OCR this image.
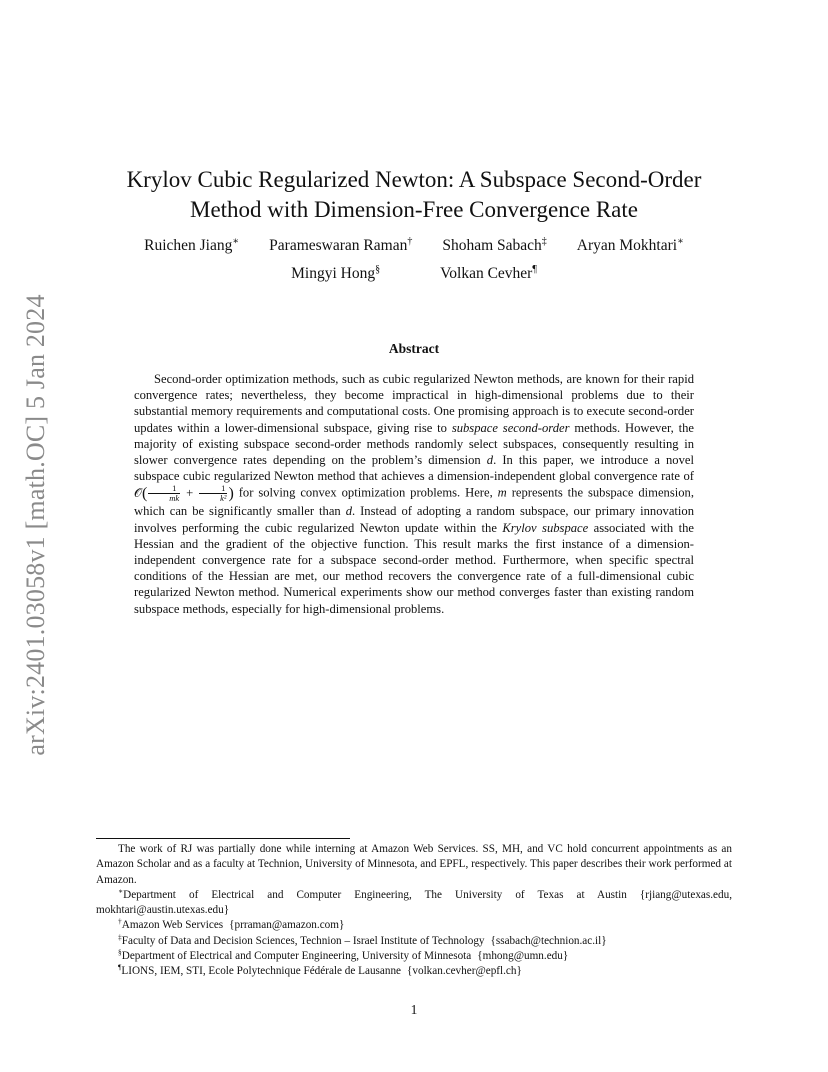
arXiv:2401.03058v1 [math.OC] 5 Jan 2024
Krylov Cubic Regularized Newton: A Subspace Second-Order
Method with Dimension-Free Convergence Rate
Ruichen Jiang∗ Parameswaran Raman† Shoham Sabach‡ Aryan Mokhtari∗
Mingyi Hong§	Volkan Cevher¶
Abstract

Second-order optimization methods, such as cubic regularized Newton methods, are known for their rapid convergence rates; nevertheless, they become impractical in high-dimensional problems due to their substantial memory requirements and computational costs. One promising approach is to execute second-order updates within a lower-dimensional subspace, giving rise to subspace second-order methods. However, the majority of existing subspace second-order methods randomly select subspaces, consequently resulting in slower convergence rates depending on the problem’s dimension d. In this paper, we introduce a novel subspace cubic regularized Newton method that achieves a dimension-independent global convergence rate of 𝒪( $\frac{1}{mk} + \frac{1}{\text{k²}}$ ) for solving convex optimization problems. Here, m represents the subspace dimension, which can be significantly smaller than d. Instead of adopting a random subspace, our primary innovation involves performing the cubic regularized Newton update within the Krylov subspace associated with the Hessian and the gradient of the objective function. This result marks the first instance of a dimension-independent convergence rate for a subspace second-order method. Furthermore, when specific spectral conditions of the Hessian are met, our method recovers the convergence rate of a full-dimensional cubic regularized Newton method. Numerical experiments show our method converges faster than existing random subspace methods, especially for high-dimensional problems.

The work of RJ was partially done while interning at Amazon Web Services. SS, MH, and VC hold concurrent appointments as an Amazon Scholar and as a faculty at Technion, University of Minnesota, and EPFL, respectively. This paper describes their work performed at Amazon.

∗Department of Electrical and Computer Engineering, The University of Texas at Austin {rjiang@utexas.edu, mokhtari@austin.utexas.edu}

†Amazon Web Services {prraman@amazon.com}

‡Faculty of Data and Decision Sciences, Technion – Israel Institute of Technology {ssabach@technion.ac.il}

§Department of Electrical and Computer Engineering, University of Minnesota {mhong@umn.edu}

¶LIONS, IEM, STI, Ecole Polytechnique Fédérale de Lausanne {volkan.cevher@epfl.ch}

1
